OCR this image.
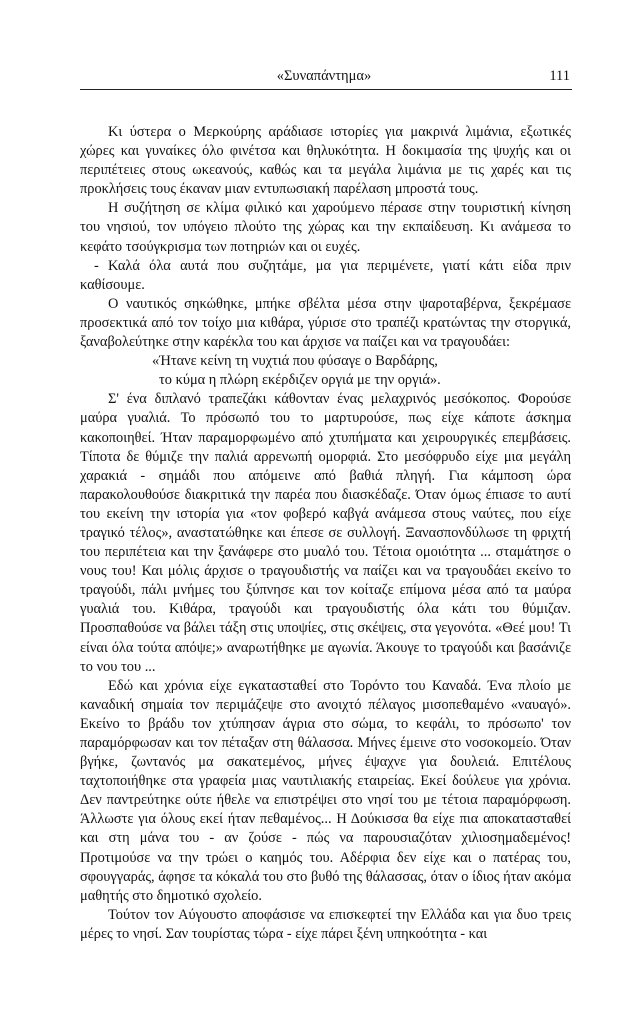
«Συναπάντημα»	111

Κι ύστερα ο Μερκούρης αράδιασε ιστορίες για μακρινά λιμάνια, εξωτικές χώρες και γυναίκες όλο φινέτσα και θηλυκότητα. Η δοκιμασία της ψυχής και οι περιπέτειες στους ωκεανούς, καθώς και τα μεγάλα λιμάνια με τις χαρές και τις προκλήσεις τους έκαναν μιαν εντυπωσιακή παρέλαση μπροστά τους.

Η συζήτηση σε κλίμα φιλικό και χαρούμενο πέρασε στην τουριστική κίνηση του νησιού, τον υπόγειο πλούτο της χώρας και την εκπαίδευση. Κι ανάμεσα το κεφάτο τσούγκρισμα των ποτηριών και οι ευχές.

- Καλά όλα αυτά που συζητάμε, μα για περιμένετε, γιατί κάτι είδα πριν καθίσουμε.

Ο ναυτικός σηκώθηκε, μπήκε σβέλτα μέσα στην ψαροταβέρνα, ξεκρέμασε προσεκτικά από τον τοίχο μια κιθάρα, γύρισε στο τραπέζι κρατώντας την στοργικά, ξαναβολεύτηκε στην καρέκλα του και άρχισε να παίζει και να τραγουδάει:

«Ήτανε κείνη τη νυχτιά που φύσαγε ο Βαρδάρης,
το κύμα η πλώρη εκέρδιζεν οργιά με την οργιά».

Σ' ένα διπλανό τραπεζάκι κάθονταν ένας μελαχρινός μεσόκοπος. Φορούσε μαύρα γυαλιά. Το πρόσωπό του το μαρτυρούσε, πως είχε κάποτε άσκημα κακοποιηθεί. Ήταν παραμορφωμένο από χτυπήματα και χειρουργικές επεμβάσεις. Τίποτα δε θύμιζε την παλιά αρρενωπή ομορφιά. Στο μεσόφρυδο είχε μια μεγάλη χαρακιά - σημάδι που απόμεινε από βαθιά πληγή. Για κάμποση ώρα παρακολουθούσε διακριτικά την παρέα που διασκέδαζε. Όταν όμως έπιασε το αυτί του εκείνη την ιστορία για «τον φοβερό καβγά ανάμεσα στους ναύτες, που είχε τραγικό τέλος», αναστατώθηκε και έπεσε σε συλλογή. Ξανασπονδύλωσε τη φριχτή του περιπέτεια και την ξανάφερε στο μυαλό του. Τέτοια ομοιότητα ... σταμάτησε ο νους του! Και μόλις άρχισε ο τραγουδιστής να παίζει και να τραγουδάει εκείνο το τραγούδι, πάλι μνήμες του ξύπνησε και τον κοίταζε επίμονα μέσα από τα μαύρα γυαλιά του. Κιθάρα, τραγούδι και τραγουδιστής όλα κάτι του θύμιζαν. Προσπαθούσε να βάλει τάξη στις υποψίες, στις σκέψεις, στα γεγονότα. «Θεέ μου! Τι είναι όλα τούτα απόψε;» αναρωτήθηκε με αγωνία. Άκουγε το τραγούδι και βασάνιζε το νου του ...

Εδώ και χρόνια είχε εγκατασταθεί στο Τορόντο του Καναδά. Ένα πλοίο με καναδική σημαία τον περιμάζεψε στο ανοιχτό πέλαγος μισοπεθαμένο «ναυαγό». Εκείνο το βράδυ τον χτύπησαν άγρια στο σώμα, το κεφάλι, το πρόσωπο' τον παραμόρφωσαν και τον πέταξαν στη θάλασσα. Μήνες έμεινε στο νοσοκομείο. Όταν βγήκε, ζωντανός μα σακατεμένος, μήνες έψαχνε για δουλειά. Επιτέλους ταχτοποιήθηκε στα γραφεία μιας ναυτιλιακής εταιρείας. Εκεί δούλευε για χρόνια. Δεν παντρεύτηκε ούτε ήθελε να επιστρέψει στο νησί του με τέτοια παραμόρφωση. Άλλωστε για όλους εκεί ήταν πεθαμένος... Η Δούκισσα θα είχε πια αποκατασταθεί και στη μάνα του - αν ζούσε - πώς να παρουσιαζόταν χιλιοσημαδεμένος! Προτιμούσε να την τρώει ο καημός του. Αδέρφια δεν είχε και ο πατέρας του, σφουγγαράς, άφησε τα κόκαλά του στο βυθό της θάλασσας, όταν ο ίδιος ήταν ακόμα μαθητής στο δημοτικό σχολείο.

Τούτον τον Αύγουστο αποφάσισε να επισκεφτεί την Ελλάδα και για δυο τρεις μέρες το νησί. Σαν τουρίστας τώρα - είχε πάρει ξένη υπηκοότητα - και
